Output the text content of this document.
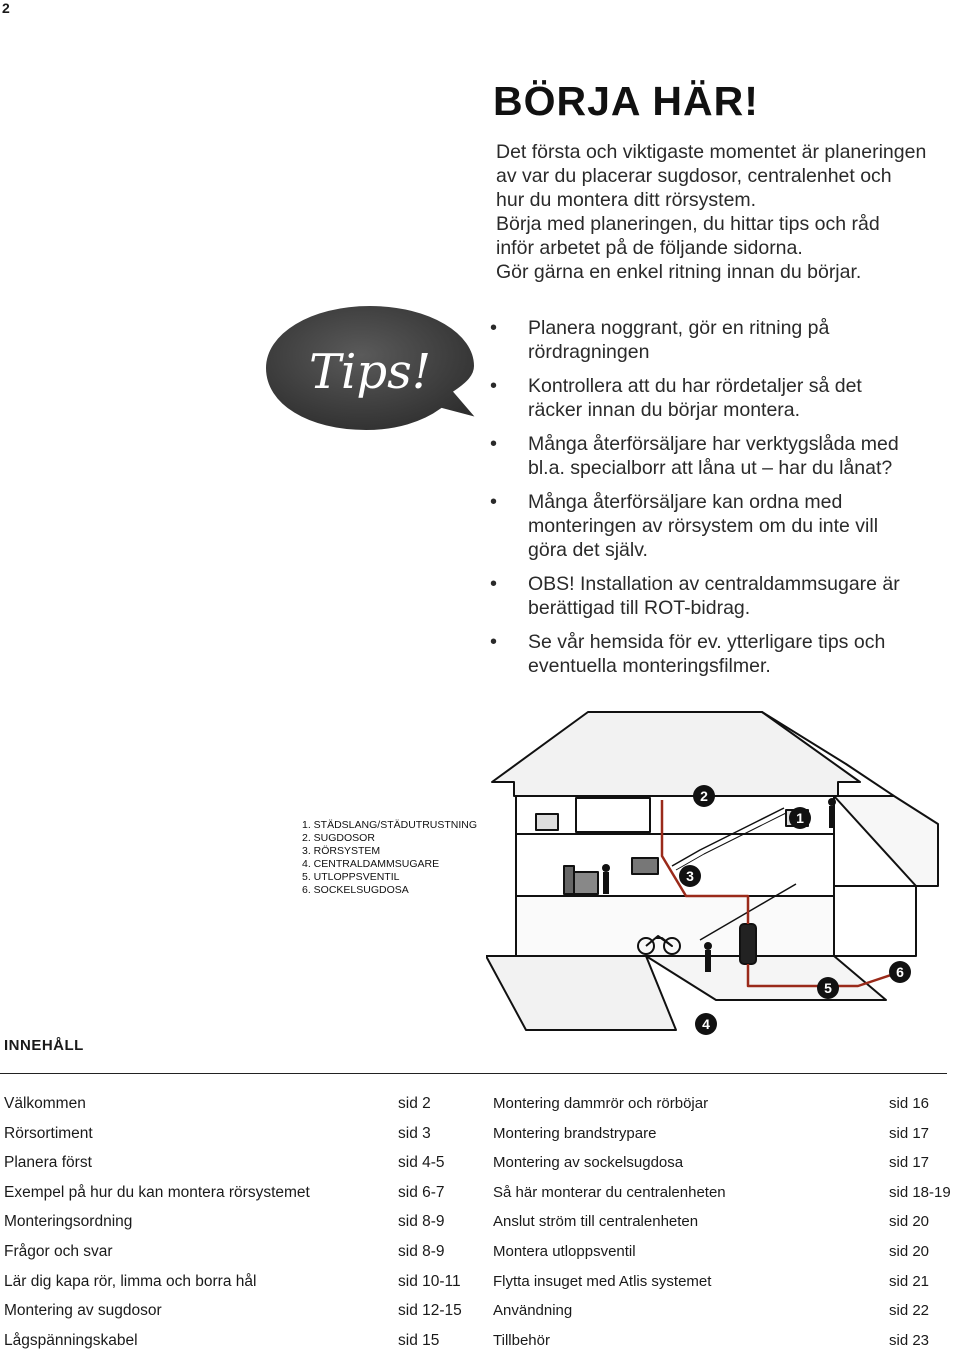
2
BÖRJA HÄR!

Det första och viktigaste momentet är planeringen
av var du placerar sugdosor, centralenhet och
hur du montera ditt rörsystem.
Börja med planeringen, du hittar tips och råd
inför arbetet på de följande sidorna.
Gör gärna en enkel ritning innan du börjar.

Tips!
• Planera noggrant, gör en ritning på
rördragningen
• Kontrollera att du har rördetaljer så det
räcker innan du börjar montera.
• Många återförsäljare har verktygslåda med
bl.a. specialborr att låna ut – har du lånat?
• Många återförsäljare kan ordna med
monteringen av rörsystem om du inte vill
göra det själv.
• OBS! Installation av centraldammsugare är
berättigad till ROT-bidrag.
• Se vår hemsida för ev. ytterligare tips och
eventuella monteringsfilmer.
1
2
3
4
5
6
1. STÄDSLANG/STÄDUTRUSTNING
2. SUGDOSOR
3. RÖRSYSTEM
4. CENTRALDAMMSUGARE
5. UTLOPPSVENTIL
6. SOCKELSUGDOSA
INNEHÅLL
Välkommen	sid 2
Rörsortiment	sid 3
Planera först	sid 4-5
Exempel på hur du kan montera rörsystemet	sid 6-7
Monteringsordning	sid 8-9
Frågor och svar	sid 8-9
Lär dig kapa rör, limma och borra hål	sid 10-11
Montering av sugdosor	sid 12-15
Lågspänningskabel	sid 15
Montering dammrör och rörböjar	sid 16
Montering brandstrypare	sid 17
Montering av sockelsugdosa	sid 17
Så här monterar du centralenheten	sid 18-19
Anslut ström till centralenheten	sid 20
Montera utloppsventil	sid 20
Flytta insuget med Atlis systemet	sid 21
Användning	sid 22
Tillbehör	sid 23
